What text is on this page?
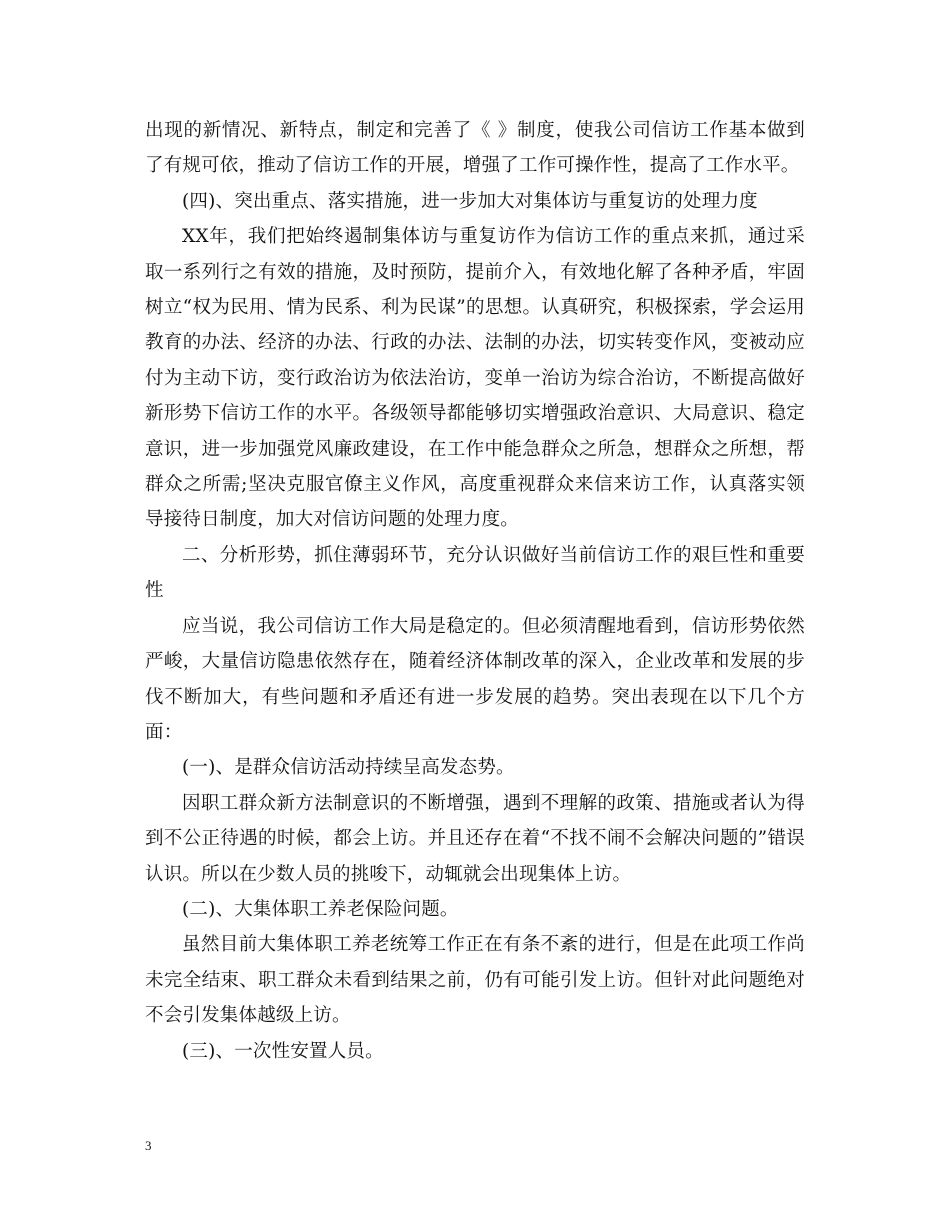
出现的新情况、新特点，制定和完善了《 》制度，使我公司信访工作基本做到了有规可依，推动了信访工作的开展，增强了工作可操作性，提高了工作水平。

(四)、突出重点、落实措施，进一步加大对集体访与重复访的处理力度

XX年，我们把始终遏制集体访与重复访作为信访工作的重点来抓，通过采取一系列行之有效的措施，及时预防，提前介入，有效地化解了各种矛盾，牢固树立“权为民用、情为民系、利为民谋”的思想。认真研究，积极探索，学会运用教育的办法、经济的办法、行政的办法、法制的办法，切实转变作风，变被动应付为主动下访，变行政治访为依法治访，变单一治访为综合治访，不断提高做好新形势下信访工作的水平。各级领导都能够切实增强政治意识、大局意识、稳定意识，进一步加强党风廉政建设，在工作中能急群众之所急，想群众之所想，帮群众之所需;坚决克服官僚主义作风，高度重视群众来信来访工作，认真落实领导接待日制度，加大对信访问题的处理力度。

二、分析形势，抓住薄弱环节，充分认识做好当前信访工作的艰巨性和重要性

应当说，我公司信访工作大局是稳定的。但必须清醒地看到，信访形势依然严峻，大量信访隐患依然存在，随着经济体制改革的深入，企业改革和发展的步伐不断加大，有些问题和矛盾还有进一步发展的趋势。突出表现在以下几个方面：

(一)、是群众信访活动持续呈高发态势。

因职工群众新方法制意识的不断增强，遇到不理解的政策、措施或者认为得到不公正待遇的时候，都会上访。并且还存在着“不找不闹不会解决问题的”错误认识。所以在少数人员的挑唆下，动辄就会出现集体上访。

(二)、大集体职工养老保险问题。

虽然目前大集体职工养老统筹工作正在有条不紊的进行，但是在此项工作尚未完全结束、职工群众未看到结果之前，仍有可能引发上访。但针对此问题绝对不会引发集体越级上访。

(三)、一次性安置人员。

3
